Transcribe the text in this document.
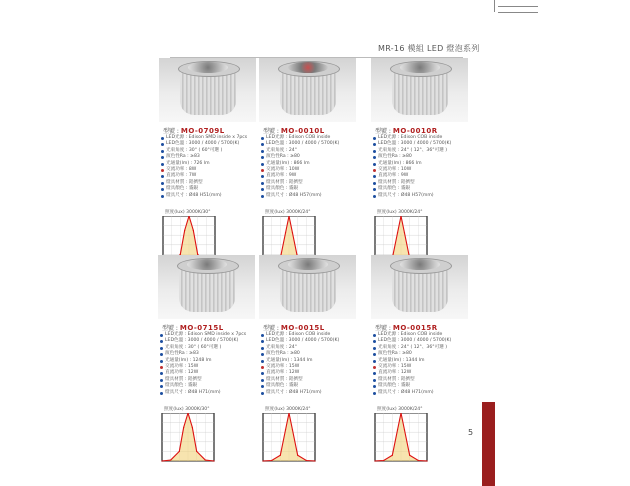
MR-16 模組 LED 燈泡系列
型號 : MO-0709L
LED光源 : Edison SMD inside x 7pcs
LED色溫 : 3000 / 4000 / 5700(K)
光束角度 : 30° ( 60°可選 )
演色性Ra : ≥83
光通量(lm) : 726 lm
交流功率 : 8W
直流功率 : 7W
燈具材質 : 鋁擠型
燈具顏色 : 霧銀
燈具尺寸 : Ø48 H51(mm)
照度(lux) 3000K/30°
型號 : MO-0010L
LED光源 : Edison COB inside
LED色溫 : 3000 / 4000 / 5700(K)
光束角度 : 24°
演色性Ra : ≥80
光通量(lm) : 866 lm
交流功率 : 10W
直流功率 : 9W
燈具材質 : 鋁擠型
燈具顏色 : 霧銀
燈具尺寸 : Ø48 H57(mm)
照度(lux) 3000K/24°
型號 : MO-0010R
LED光源 : Edison COB inside
LED色溫 : 3000 / 4000 / 5700(K)
光束角度 : 24° ( 12°、36°可選 )
演色性Ra : ≥80
光通量(lm) : 866 lm
交流功率 : 10W
直流功率 : 9W
燈具材質 : 鋁擠型
燈具顏色 : 霧銀
燈具尺寸 : Ø48 H57(mm)
照度(lux) 3000K/24°
型號 : MO-0715L
LED光源 : Edison SMD inside x 7pcs
LED色溫 : 3000 / 4000 / 5700(K)
光束角度 : 30° ( 60°可選 )
演色性Ra : ≥83
光通量(lm) : 1248 lm
交流功率 : 15W
直流功率 : 12W
燈具材質 : 鋁擠型
燈具顏色 : 霧銀
燈具尺寸 : Ø48 H71(mm)
照度(lux) 3000K/30°
型號 : MO-0015L
LED光源 : Edison COB inside
LED色溫 : 3000 / 4000 / 5700(K)
光束角度 : 24°
演色性Ra : ≥80
光通量(lm) : 1344 lm
交流功率 : 15W
直流功率 : 12W
燈具材質 : 鋁擠型
燈具顏色 : 霧銀
燈具尺寸 : Ø48 H71(mm)
照度(lux) 3000K/24°
型號 : MO-0015R
LED光源 : Edison COB inside
LED色溫 : 3000 / 4000 / 5700(K)
光束角度 : 24° ( 12°、36°可選 )
演色性Ra : ≥80
光通量(lm) : 1344 lm
交流功率 : 15W
直流功率 : 12W
燈具材質 : 鋁擠型
燈具顏色 : 霧銀
燈具尺寸 : Ø48 H71(mm)
照度(lux) 3000K/24°
5
